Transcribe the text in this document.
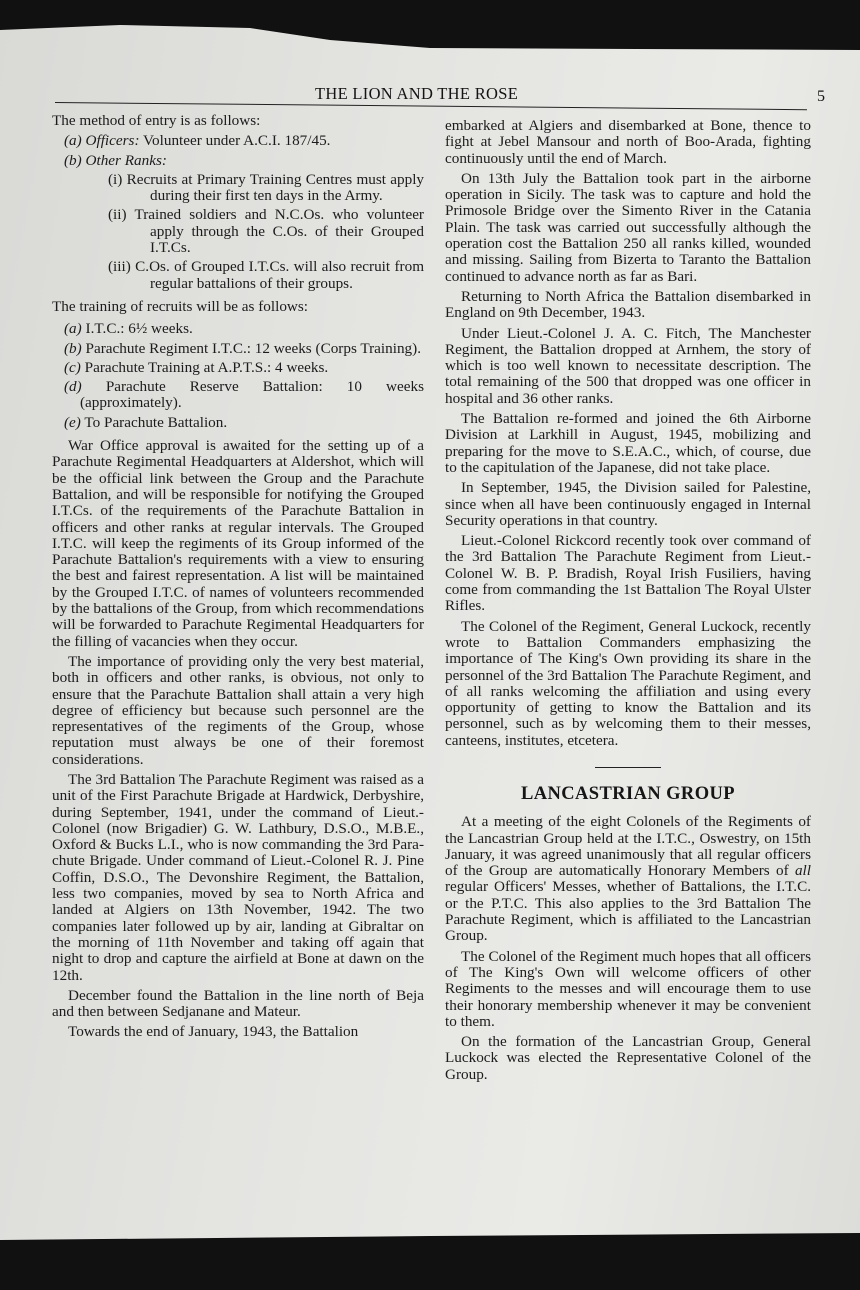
THE LION AND THE ROSE	5

The method of entry is as follows:

(a) Officers: Volunteer under A.C.I. 187/45.
(b) Other Ranks:
(i) Recruits at Primary Training Centres must apply during their first ten days in the Army.
(ii) Trained soldiers and N.C.Os. who volunteer apply through the C.Os. of their Grouped I.T.Cs.
(iii) C.Os. of Grouped I.T.Cs. will also recruit from regular battalions of their groups.

The training of recruits will be as follows:

(a) I.T.C.: 6½ weeks.
(b) Parachute Regiment I.T.C.: 12 weeks (Corps Training).
(c) Parachute Training at A.P.T.S.: 4 weeks.
(d) Parachute Reserve Battalion: 10 weeks (approximately).
(e) To Parachute Battalion.

War Office approval is awaited for the setting up of a Parachute Regimental Headquarters at Aldershot, which will be the official link between the Group and the Parachute Battalion, and will be responsible for notifying the Grouped I.T.Cs. of the requirements of the Parachute Battalion in officers and other ranks at regular intervals. The Grouped I.T.C. will keep the regiments of its Group informed of the Parachute Battalion's requirements with a view to ensuring the best and fairest representation. A list will be maintained by the Grouped I.T.C. of names of volunteers recommended by the battalions of the Group, from which recommendations will be forwarded to Parachute Regimental Headquarters for the filling of vacancies when they occur.

The importance of providing only the very best material, both in officers and other ranks, is obvious, not only to ensure that the Parachute Battalion shall attain a very high degree of efficiency but because such personnel are the representatives of the regiments of the Group, whose reputation must always be one of their foremost considerations.

The 3rd Battalion The Parachute Regiment was raised as a unit of the First Parachute Brigade at Hardwick, Derbyshire, during September, 1941, under the command of Lieut.-Colonel (now Brigadier) G. W. Lathbury, D.S.O., M.B.E., Oxford & Bucks L.I., who is now commanding the 3rd Parachute Brigade. Under command of Lieut.-Colonel R. J. Pine Coffin, D.S.O., The Devonshire Regiment, the Battalion, less two companies, moved by sea to North Africa and landed at Algiers on 13th November, 1942. The two companies later followed up by air, landing at Gibraltar on the morning of 11th November and taking off again that night to drop and capture the airfield at Bone at dawn on the 12th.

December found the Battalion in the line north of Beja and then between Sedjanane and Mateur.

Towards the end of January, 1943, the Battalion

embarked at Algiers and disembarked at Bone, thence to fight at Jebel Mansour and north of Boo-Arada, fighting continuously until the end of March.

On 13th July the Battalion took part in the airborne operation in Sicily. The task was to capture and hold the Primosole Bridge over the Simento River in the Catania Plain. The task was carried out successfully although the operation cost the Battalion 250 all ranks killed, wounded and missing. Sailing from Bizerta to Taranto the Battalion continued to advance north as far as Bari.

Returning to North Africa the Battalion disembarked in England on 9th December, 1943.

Under Lieut.-Colonel J. A. C. Fitch, The Manchester Regiment, the Battalion dropped at Arnhem, the story of which is too well known to necessitate description. The total remaining of the 500 that dropped was one officer in hospital and 36 other ranks.

The Battalion re-formed and joined the 6th Airborne Division at Larkhill in August, 1945, mobilizing and preparing for the move to S.E.A.C., which, of course, due to the capitulation of the Japanese, did not take place.

In September, 1945, the Division sailed for Palestine, since when all have been continuously engaged in Internal Security operations in that country.

Lieut.-Colonel Rickcord recently took over command of the 3rd Battalion The Parachute Regiment from Lieut.-Colonel W. B. P. Bradish, Royal Irish Fusiliers, having come from commanding the 1st Battalion The Royal Ulster Rifles.

The Colonel of the Regiment, General Luckock, recently wrote to Battalion Commanders emphasizing the importance of The King's Own providing its share in the personnel of the 3rd Battalion The Parachute Regiment, and of all ranks welcoming the affiliation and using every opportunity of getting to know the Battalion and its personnel, such as by welcoming them to their messes, canteens, institutes, etcetera.

LANCASTRIAN GROUP

At a meeting of the eight Colonels of the Regiments of the Lancastrian Group held at the I.T.C., Oswestry, on 15th January, it was agreed unanimously that all regular officers of the Group are automatically Honorary Members of all regular Officers' Messes, whether of Battalions, the I.T.C. or the P.T.C. This also applies to the 3rd Battalion The Parachute Regiment, which is affiliated to the Lancastrian Group.

The Colonel of the Regiment much hopes that all officers of The King's Own will welcome officers of other Regiments to the messes and will encourage them to use their honorary membership whenever it may be convenient to them.

On the formation of the Lancastrian Group, General Luckock was elected the Representative Colonel of the Group.
